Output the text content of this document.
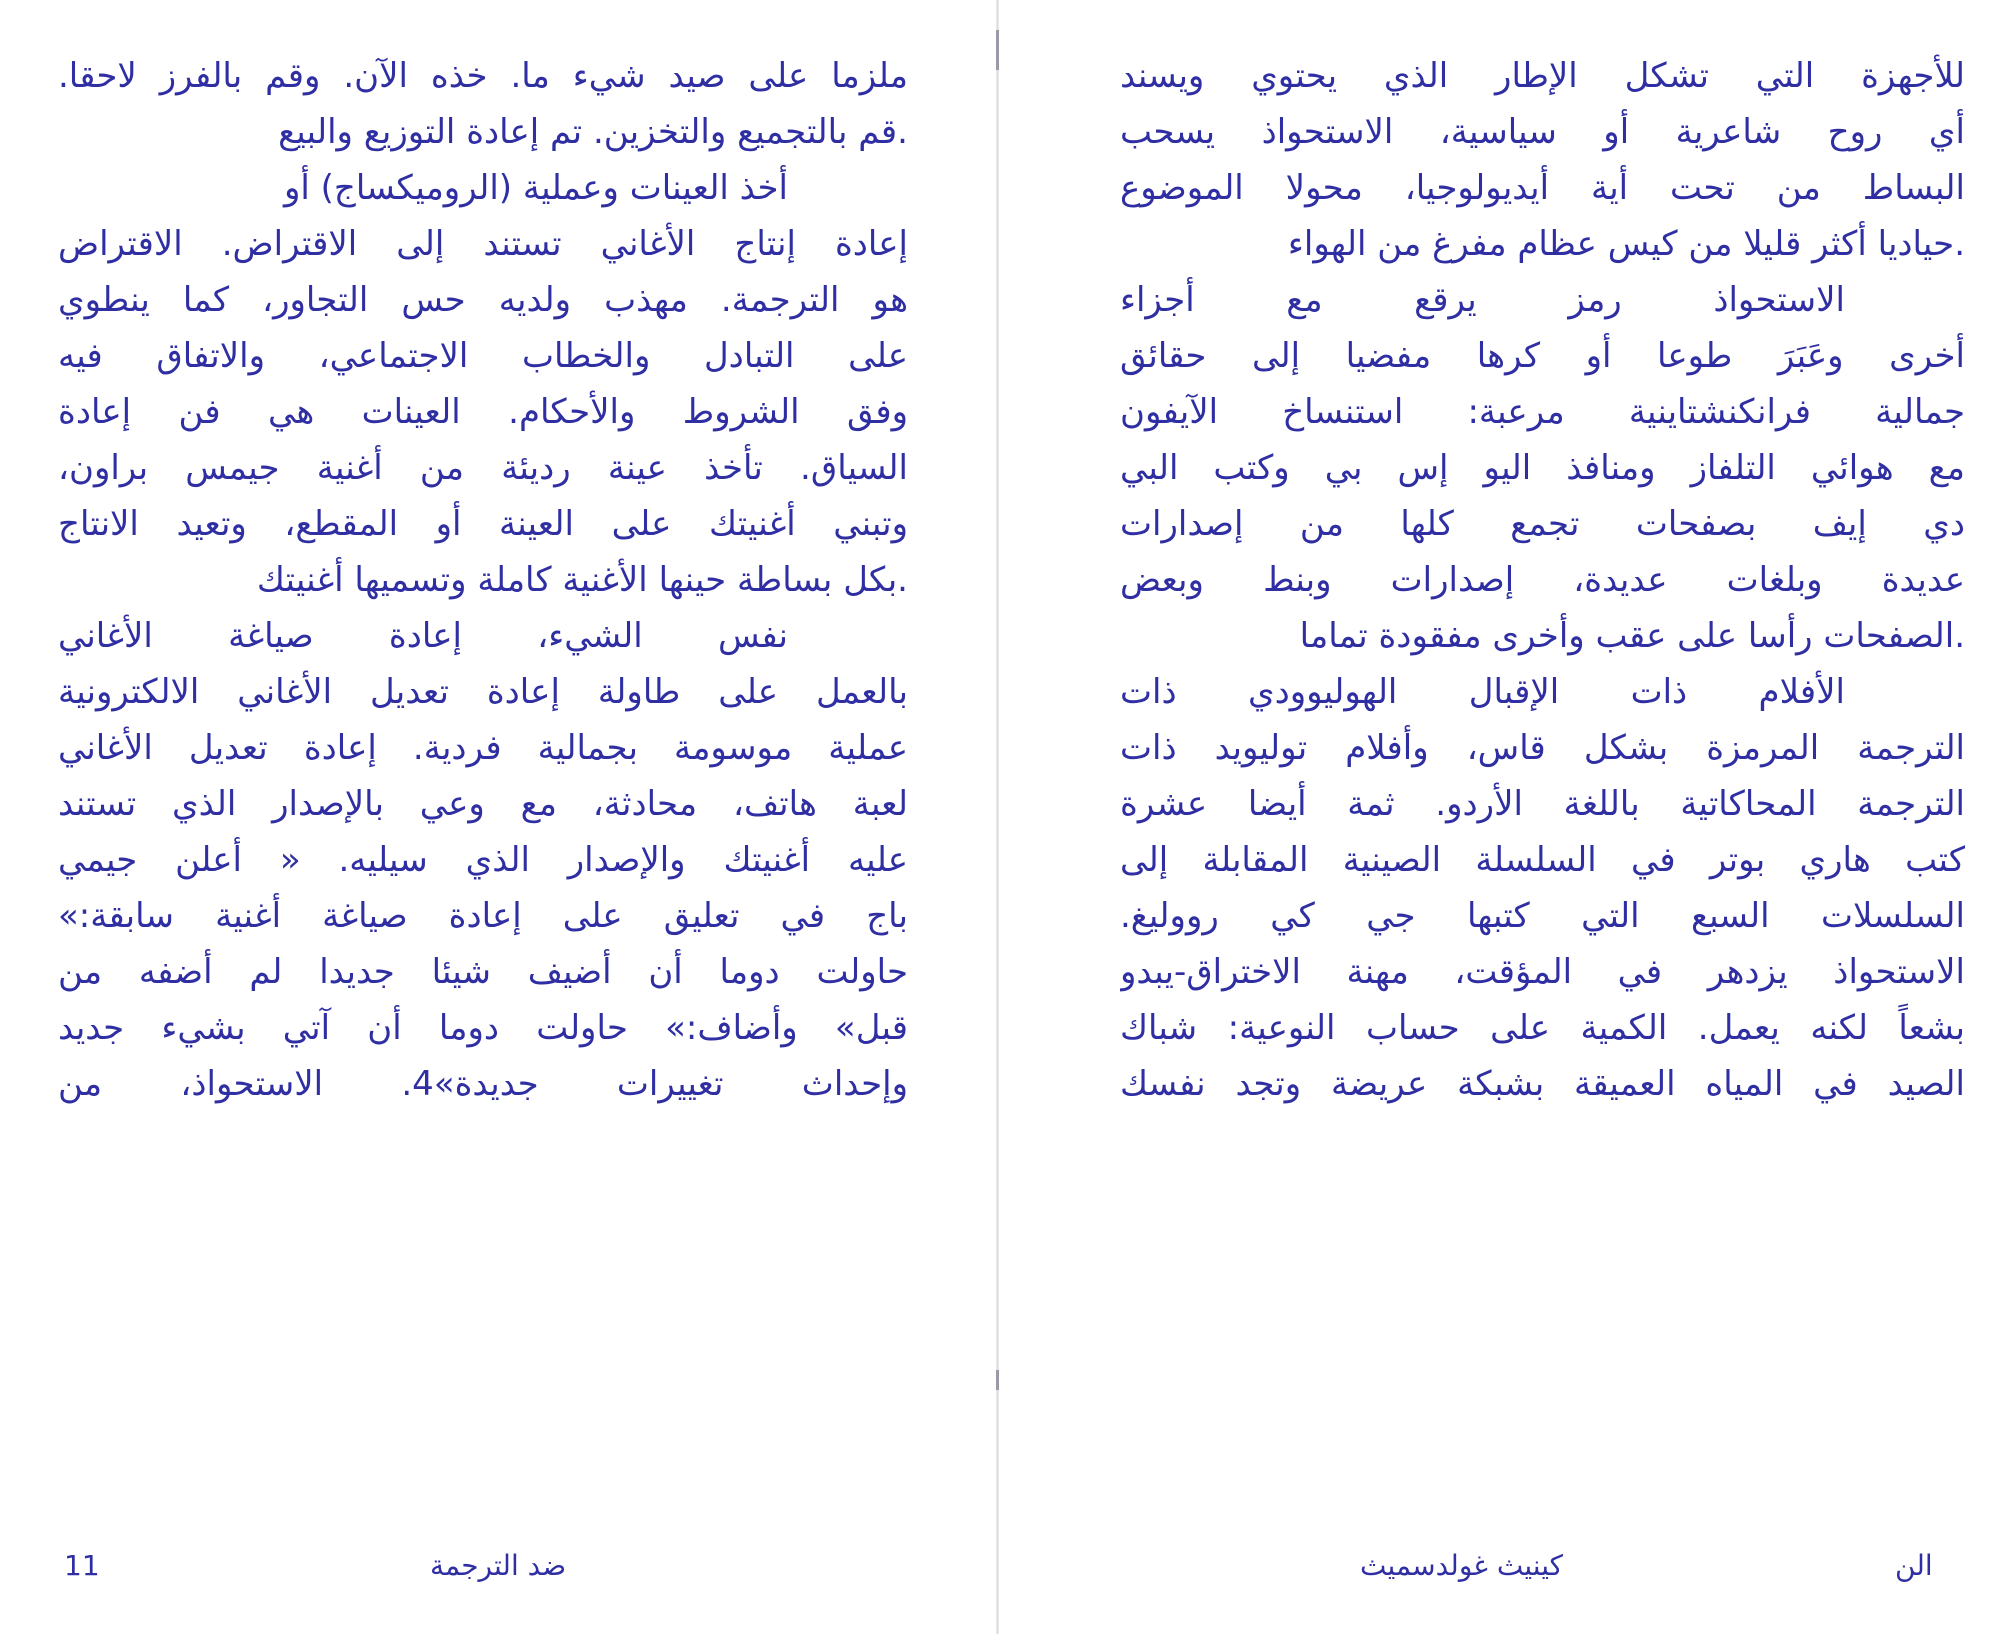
ملزما على صيد شيء ما. خذه الآن. وقم بالفرز لاحقا.
.قم بالتجميع والتخزين. تم إعادة التوزيع والبيع
أخذ العينات وعملية (الروميكساج) أو
إعادة إنتاج الأغاني تستند إلى الاقتراض. الاقتراض
هو الترجمة. مهذب ولديه حس التجاور، كما ينطوي
على التبادل والخطاب الاجتماعي، والاتفاق فيه
وفق الشروط والأحكام. العينات هي فن إعادة
السياق. تأخذ عينة رديئة من أغنية جيمس براون،
وتبني أغنيتك على العينة أو المقطع، وتعيد الانتاج
.بكل بساطة حينها الأغنية كاملة وتسميها أغنيتك
نفس الشيء، إعادة صياغة الأغاني
بالعمل على طاولة إعادة تعديل الأغاني الالكترونية
عملية موسومة بجمالية فردية. إعادة تعديل الأغاني
لعبة هاتف، محادثة، مع وعي بالإصدار الذي تستند
عليه أغنيتك والإصدار الذي سيليه. « أعلن جيمي
باج في تعليق على إعادة صياغة أغنية سابقة:»
حاولت دوما أن أضيف شيئا جديدا لم أضفه من
قبل» وأضاف:» حاولت دوما أن آتي بشيء جديد
وإحداث تغييرات جديدة»4. الاستحواذ، من
11	ضد الترجمة
للأجهزة التي تشكل الإطار الذي يحتوي ويسند
أي روح شاعرية أو سياسية، الاستحواذ يسحب
البساط من تحت أية أيديولوجيا، محولا الموضوع
.حياديا أكثر قليلا من كيس عظام مفرغ من الهواء
الاستحواذ رمز يرقع مع أجزاء
أخرى وعَبَرَ طوعا أو كرها مفضيا إلى حقائق
جمالية فرانكنشتاينية مرعبة: استنساخ الآيفون
مع هوائي التلفاز ومنافذ اليو إس بي وكتب البي
دي إيف بصفحات تجمع كلها من إصدارات
عديدة وبلغات عديدة، إصدارات وبنط وبعض
.الصفحات رأسا على عقب وأخرى مفقودة تماما
الأفلام ذات الإقبال الهوليوودي ذات
الترجمة المرمزة بشكل قاس، وأفلام توليويد ذات
الترجمة المحاكاتية باللغة الأردو. ثمة أيضا عشرة
كتب هاري بوتر في السلسلة الصينية المقابلة إلى
السلسلات السبع التي كتبها جي كي رووليغ.
الاستحواذ يزدهر في المؤقت، مهنة الاختراق-يبدو
بشعاً لكنه يعمل. الكمية على حساب النوعية: شباك
الصيد في المياه العميقة بشبكة عريضة وتجد نفسك
كينيث غولدسميث	الن
